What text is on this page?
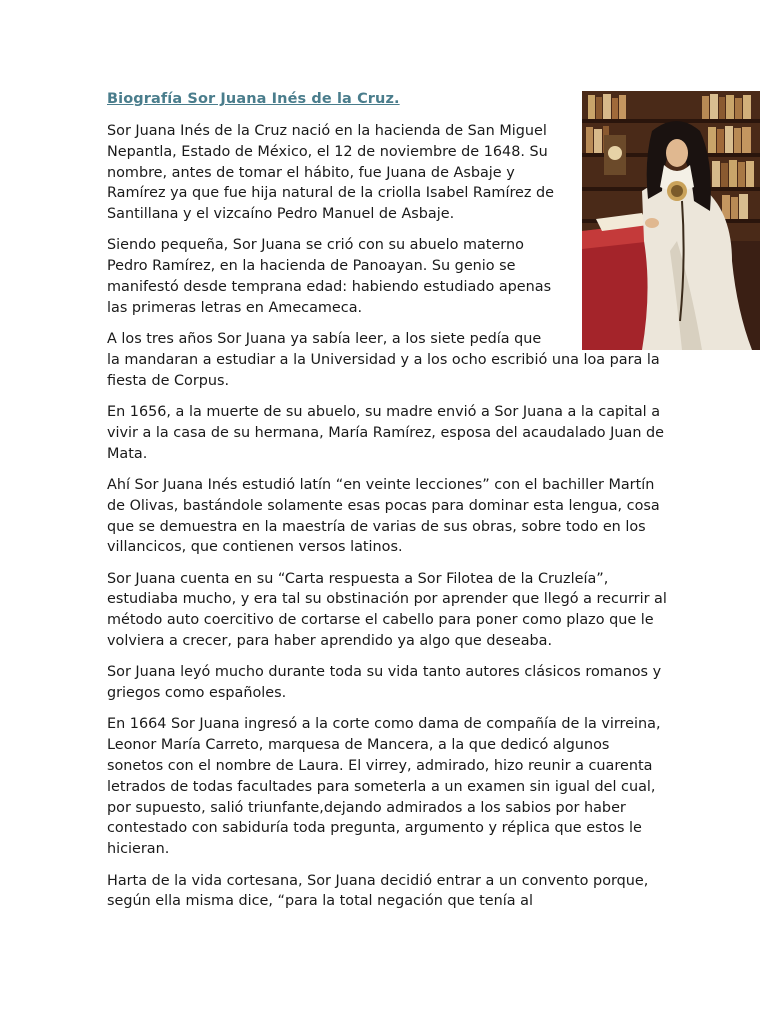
Biografía Sor Juana Inés de la Cruz.

Sor Juana Inés de la Cruz nació en la hacienda de San Miguel Nepantla, Estado de México, el 12 de noviembre de 1648. Su nombre, antes de tomar el hábito, fue Juana de Asbaje y Ramírez ya que fue hija natural de la criolla Isabel Ramírez de Santillana y el vizcaíno Pedro Manuel de Asbaje.

Siendo pequeña, Sor Juana se crió con su abuelo materno Pedro Ramírez, en la hacienda de Panoayan. Su genio se manifestó desde temprana edad: habiendo estudiado apenas las primeras letras en Amecameca.

A los tres años Sor Juana ya sabía leer, a los siete pedía que
la mandaran a estudiar a la Universidad y a los ocho escribió una loa para la fiesta de Corpus.

En 1656, a la muerte de su abuelo, su madre envió a Sor Juana a la capital a vivir a la casa de su hermana, María Ramírez, esposa del acaudalado Juan de Mata.

Ahí Sor Juana Inés estudió latín “en veinte lecciones” con el bachiller Martín de Olivas, bastándole solamente esas pocas para dominar esta lengua, cosa que se demuestra en la maestría de varias de sus obras, sobre todo en los villancicos, que contienen versos latinos.

Sor Juana cuenta en su “Carta respuesta a Sor Filotea de la Cruzleía”, estudiaba mucho, y era tal su obstinación por aprender que llegó a recurrir al método auto coercitivo de cortarse el cabello para poner como plazo que le volviera a crecer, para haber aprendido ya algo que deseaba.

Sor Juana leyó mucho durante toda su vida tanto autores clásicos romanos y griegos como españoles.

En 1664 Sor Juana ingresó a la corte como dama de compañía de la virreina, Leonor María Carreto, marquesa de Mancera, a la que dedicó algunos sonetos con el nombre de Laura. El virrey, admirado, hizo reunir a cuarenta letrados de todas facultades para someterla a un examen sin igual del cual, por supuesto, salió triunfante,dejando admirados a los sabios por haber contestado con sabiduría toda pregunta, argumento y réplica que estos le hicieran.

Harta de la vida cortesana, Sor Juana decidió entrar a un convento porque, según ella misma dice, “para la total negación que tenía al
